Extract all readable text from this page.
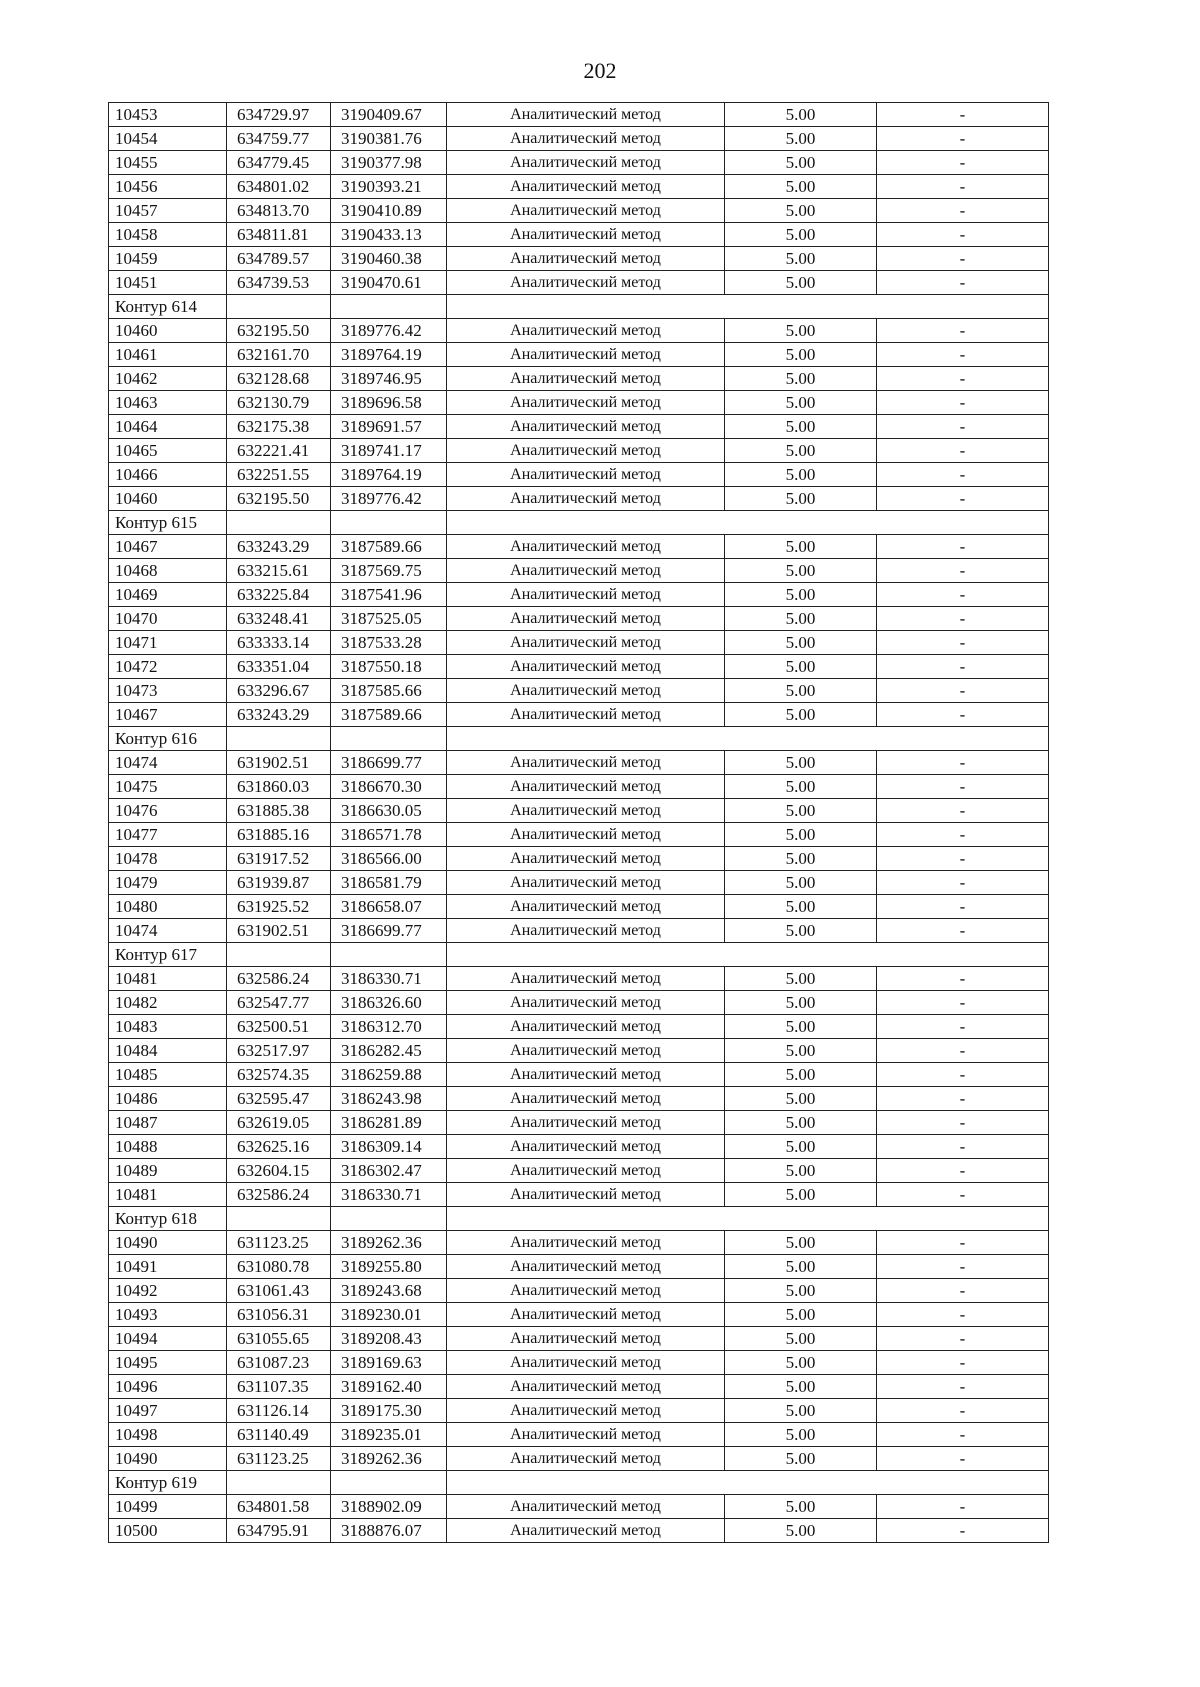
202
10453	634729.97	3190409.67	Аналитический метод	5.00	-
10454	634759.77	3190381.76	Аналитический метод	5.00	-
10455	634779.45	3190377.98	Аналитический метод	5.00	-
10456	634801.02	3190393.21	Аналитический метод	5.00	-
10457	634813.70	3190410.89	Аналитический метод	5.00	-
10458	634811.81	3190433.13	Аналитический метод	5.00	-
10459	634789.57	3190460.38	Аналитический метод	5.00	-
10451	634739.53	3190470.61	Аналитический метод	5.00	-
Контур 614					
10460	632195.50	3189776.42	Аналитический метод	5.00	-
10461	632161.70	3189764.19	Аналитический метод	5.00	-
10462	632128.68	3189746.95	Аналитический метод	5.00	-
10463	632130.79	3189696.58	Аналитический метод	5.00	-
10464	632175.38	3189691.57	Аналитический метод	5.00	-
10465	632221.41	3189741.17	Аналитический метод	5.00	-
10466	632251.55	3189764.19	Аналитический метод	5.00	-
10460	632195.50	3189776.42	Аналитический метод	5.00	-
Контур 615					
10467	633243.29	3187589.66	Аналитический метод	5.00	-
10468	633215.61	3187569.75	Аналитический метод	5.00	-
10469	633225.84	3187541.96	Аналитический метод	5.00	-
10470	633248.41	3187525.05	Аналитический метод	5.00	-
10471	633333.14	3187533.28	Аналитический метод	5.00	-
10472	633351.04	3187550.18	Аналитический метод	5.00	-
10473	633296.67	3187585.66	Аналитический метод	5.00	-
10467	633243.29	3187589.66	Аналитический метод	5.00	-
Контур 616					
10474	631902.51	3186699.77	Аналитический метод	5.00	-
10475	631860.03	3186670.30	Аналитический метод	5.00	-
10476	631885.38	3186630.05	Аналитический метод	5.00	-
10477	631885.16	3186571.78	Аналитический метод	5.00	-
10478	631917.52	3186566.00	Аналитический метод	5.00	-
10479	631939.87	3186581.79	Аналитический метод	5.00	-
10480	631925.52	3186658.07	Аналитический метод	5.00	-
10474	631902.51	3186699.77	Аналитический метод	5.00	-
Контур 617					
10481	632586.24	3186330.71	Аналитический метод	5.00	-
10482	632547.77	3186326.60	Аналитический метод	5.00	-
10483	632500.51	3186312.70	Аналитический метод	5.00	-
10484	632517.97	3186282.45	Аналитический метод	5.00	-
10485	632574.35	3186259.88	Аналитический метод	5.00	-
10486	632595.47	3186243.98	Аналитический метод	5.00	-
10487	632619.05	3186281.89	Аналитический метод	5.00	-
10488	632625.16	3186309.14	Аналитический метод	5.00	-
10489	632604.15	3186302.47	Аналитический метод	5.00	-
10481	632586.24	3186330.71	Аналитический метод	5.00	-
Контур 618					
10490	631123.25	3189262.36	Аналитический метод	5.00	-
10491	631080.78	3189255.80	Аналитический метод	5.00	-
10492	631061.43	3189243.68	Аналитический метод	5.00	-
10493	631056.31	3189230.01	Аналитический метод	5.00	-
10494	631055.65	3189208.43	Аналитический метод	5.00	-
10495	631087.23	3189169.63	Аналитический метод	5.00	-
10496	631107.35	3189162.40	Аналитический метод	5.00	-
10497	631126.14	3189175.30	Аналитический метод	5.00	-
10498	631140.49	3189235.01	Аналитический метод	5.00	-
10490	631123.25	3189262.36	Аналитический метод	5.00	-
Контур 619					
10499	634801.58	3188902.09	Аналитический метод	5.00	-
10500	634795.91	3188876.07	Аналитический метод	5.00	-
